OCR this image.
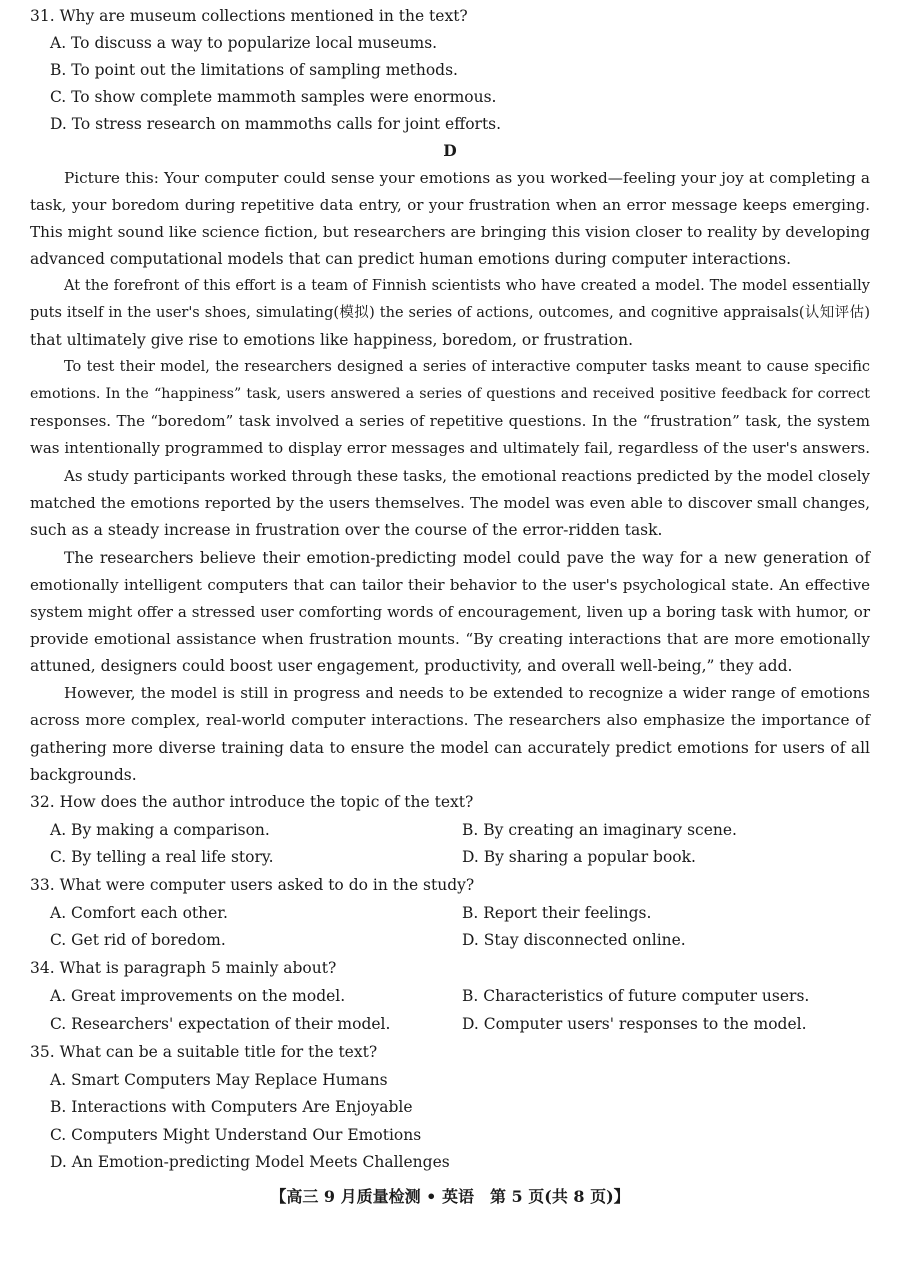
31. Why are museum collections mentioned in the text?
A. To discuss a way to popularize local museums.
B. To point out the limitations of sampling methods.
C. To show complete mammoth samples were enormous.
D. To stress research on mammoths calls for joint efforts.
D
Picture this: Your computer could sense your emotions as you worked—feeling your joy at completing a
task, your boredom during repetitive data entry, or your frustration when an error message keeps emerging.
This might sound like science fiction, but researchers are bringing this vision closer to reality by developing
advanced computational models that can predict human emotions during computer interactions.
At the forefront of this effort is a team of Finnish scientists who have created a model. The model essentially
puts itself in the user's shoes, simulating(模拟) the series of actions, outcomes, and cognitive appraisals(认知评估)
that ultimately give rise to emotions like happiness, boredom, or frustration.
To test their model, the researchers designed a series of interactive computer tasks meant to cause specific
emotions. In the “happiness” task, users answered a series of questions and received positive feedback for correct
responses. The “boredom” task involved a series of repetitive questions. In the “frustration” task, the system
was intentionally programmed to display error messages and ultimately fail, regardless of the user's answers.
As study participants worked through these tasks, the emotional reactions predicted by the model closely
matched the emotions reported by the users themselves. The model was even able to discover small changes,
such as a steady increase in frustration over the course of the error-ridden task.
The researchers believe their emotion-predicting model could pave the way for a new generation of
emotionally intelligent computers that can tailor their behavior to the user's psychological state. An effective
system might offer a stressed user comforting words of encouragement, liven up a boring task with humor, or
provide emotional assistance when frustration mounts. “By creating interactions that are more emotionally
attuned, designers could boost user engagement, productivity, and overall well-being,” they add.
However, the model is still in progress and needs to be extended to recognize a wider range of emotions
across more complex, real-world computer interactions. The researchers also emphasize the importance of
gathering more diverse training data to ensure the model can accurately predict emotions for users of all
backgrounds.
32. How does the author introduce the topic of the text?
A. By making a comparison.	B. By creating an imaginary scene.
C. By telling a real life story.	D. By sharing a popular book.
33. What were computer users asked to do in the study?
A. Comfort each other.	B. Report their feelings.
C. Get rid of boredom.	D. Stay disconnected online.
34. What is paragraph 5 mainly about?
A. Great improvements on the model.	B. Characteristics of future computer users.
C. Researchers' expectation of their model.	D. Computer users' responses to the model.
35. What can be a suitable title for the text?
A. Smart Computers May Replace Humans
B. Interactions with Computers Are Enjoyable
C. Computers Might Understand Our Emotions
D. An Emotion-predicting Model Meets Challenges
【高三 9 月质量检测 • 英语　第 5 页(共 8 页)】
